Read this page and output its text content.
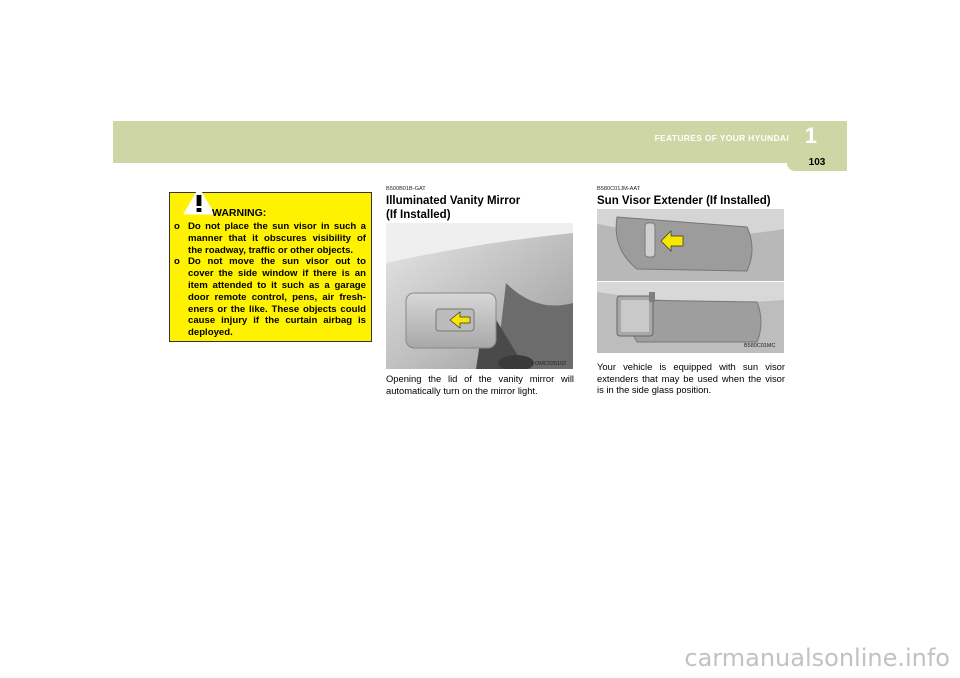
FEATURES OF YOUR HYUNDAI 1
103
WARNING:
o Do not place the sun visor in such a manner that it obscures visibility of the roadway, traffic or other objects.
o Do not move the sun visor out to cover the side window if there is an item attended to it such as a garage door remote control, pens, air fresh-eners or the like. These objects could cause injury if the curtain airbag is deployed.
B500B01B-GAT
Illuminated Vanity Mirror
(If Installed)
OMC025102
Opening the lid of the vanity mirror will automatically turn on the mirror light.
B580C01JM-AAT
Sun Visor Extender (If Installed)
B580C01MC
Your vehicle is equipped with sun visor extenders that may be used when the visor is in the side glass position.
carmanualsonline.info
